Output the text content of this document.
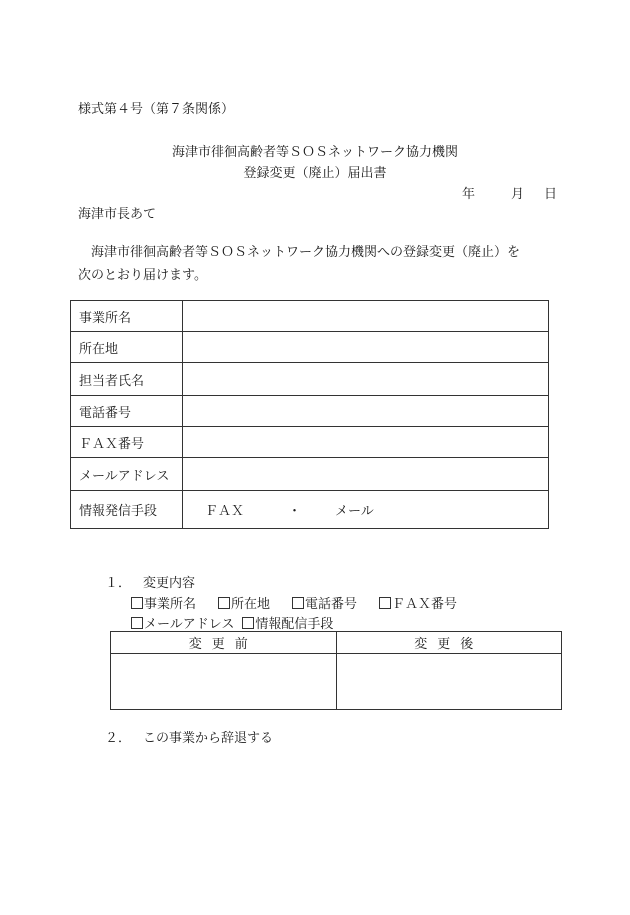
様式第４号（第７条関係）
海津市徘徊高齢者等ＳＯＳネットワーク協力機関
登録変更（廃止）届出書
年	月 日
海津市長あて
海津市徘徊高齢者等ＳＯＳネットワーク協力機関への登録変更（廃止）を
次のとおり届けます。
事業所名	
所在地	
担当者氏名	
電話番号	
ＦＡＸ番号	
メールアドレス	
情報発信手段	ＦＡＸ ・ メール
１． 変更内容
事業所名	所在地	電話番号	ＦＡＸ番号
メールアドレス 情報配信手段
変更前	変更後

２． この事業から辞退する
